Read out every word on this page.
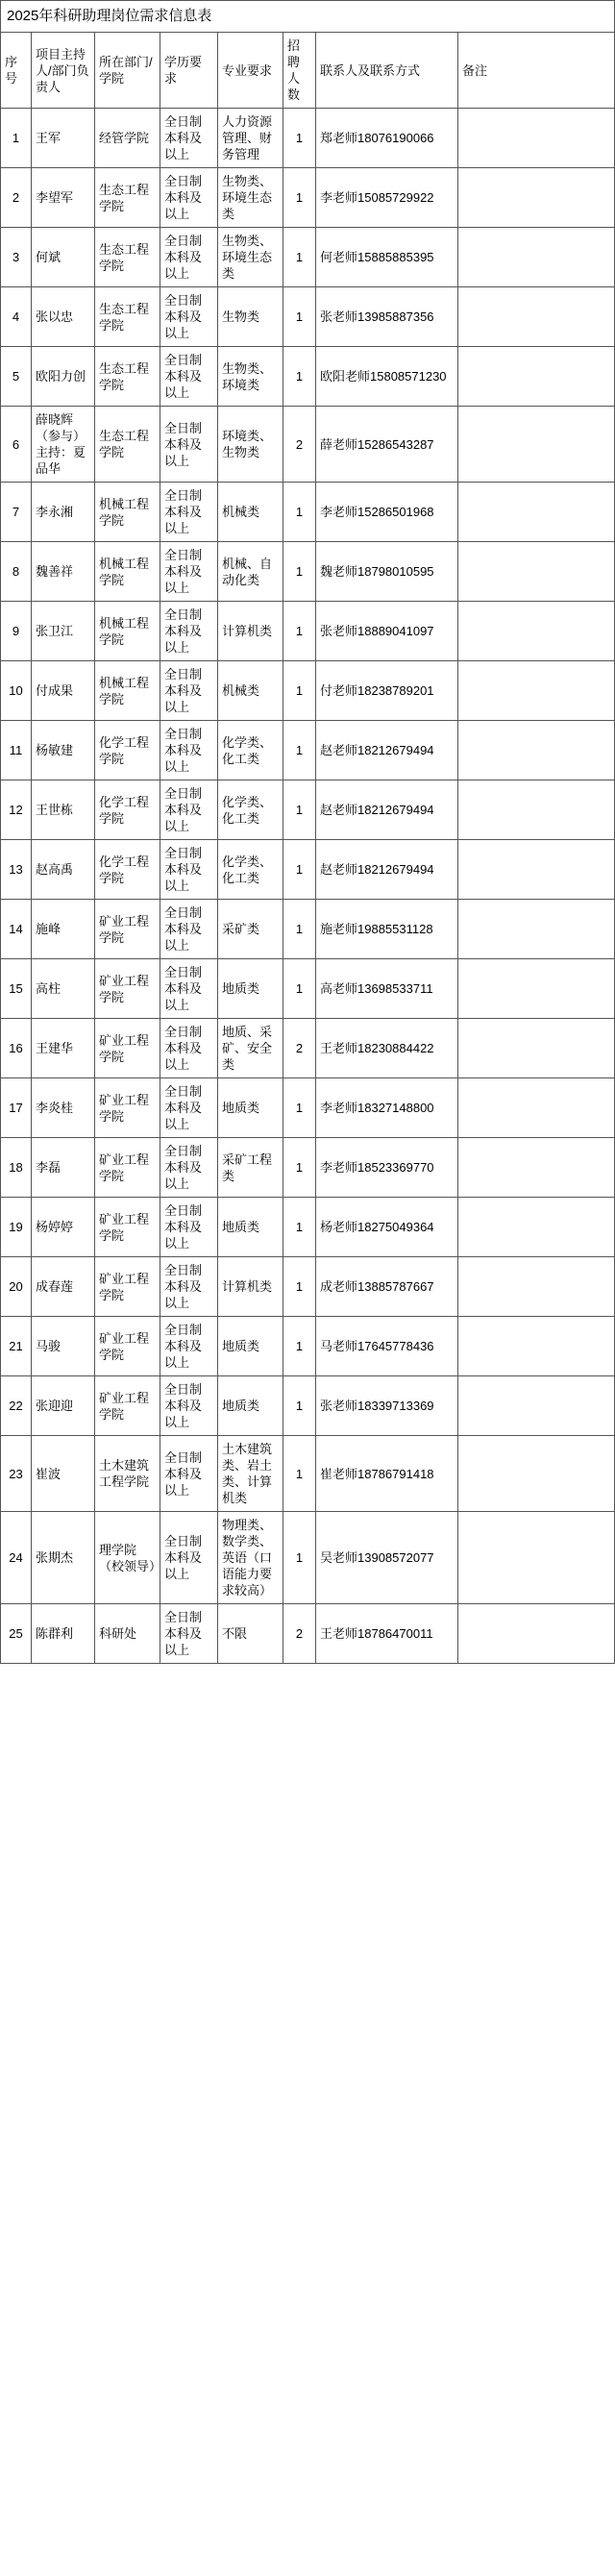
2025年科研助理岗位需求信息表
序号	项目主持人/部门负责人	所在部门/学院	学历要求	专业要求	招聘人数	联系人及联系方式	备注
1	王军	经管学院	全日制本科及以上	人力资源管理、财务管理	1	郑老师18076190066	
2	李望军	生态工程学院	全日制本科及以上	生物类、环境生态类	1	李老师15085729922	
3	何斌	生态工程学院	全日制本科及以上	生物类、环境生态类	1	何老师15885885395	
4	张以忠	生态工程学院	全日制本科及以上	生物类	1	张老师13985887356	
5	欧阳力创	生态工程学院	全日制本科及以上	生物类、环境类	1	欧阳老师15808571230	
6	薛晓辉（参与）主持：夏品华	生态工程学院	全日制本科及以上	环境类、生物类	2	薛老师15286543287	
7	李永湘	机械工程学院	全日制本科及以上	机械类	1	李老师15286501968	
8	魏善祥	机械工程学院	全日制本科及以上	机械、自动化类	1	魏老师18798010595	
9	张卫江	机械工程学院	全日制本科及以上	计算机类	1	张老师18889041097	
10	付成果	机械工程学院	全日制本科及以上	机械类	1	付老师18238789201	
11	杨敏建	化学工程学院	全日制本科及以上	化学类、化工类	1	赵老师18212679494	
12	王世栋	化学工程学院	全日制本科及以上	化学类、化工类	1	赵老师18212679494	
13	赵高禹	化学工程学院	全日制本科及以上	化学类、化工类	1	赵老师18212679494	
14	施峰	矿业工程学院	全日制本科及以上	采矿类	1	施老师19885531128	
15	高柱	矿业工程学院	全日制本科及以上	地质类	1	高老师13698533711	
16	王建华	矿业工程学院	全日制本科及以上	地质、采矿、安全类	2	王老师18230884422	
17	李炎桂	矿业工程学院	全日制本科及以上	地质类	1	李老师18327148800	
18	李磊	矿业工程学院	全日制本科及以上	采矿工程类	1	李老师18523369770	
19	杨婷婷	矿业工程学院	全日制本科及以上	地质类	1	杨老师18275049364	
20	成春莲	矿业工程学院	全日制本科及以上	计算机类	1	成老师13885787667	
21	马骏	矿业工程学院	全日制本科及以上	地质类	1	马老师17645778436	
22	张迎迎	矿业工程学院	全日制本科及以上	地质类	1	张老师18339713369	
23	崔波	土木建筑工程学院	全日制本科及以上	土木建筑类、岩土类、计算机类	1	崔老师18786791418	
24	张期杰	理学院（校领导）	全日制本科及以上	物理类、数学类、英语（口语能力要求较高）	1	吴老师13908572077	
25	陈群利	科研处	全日制本科及以上	不限	2	王老师18786470011	
